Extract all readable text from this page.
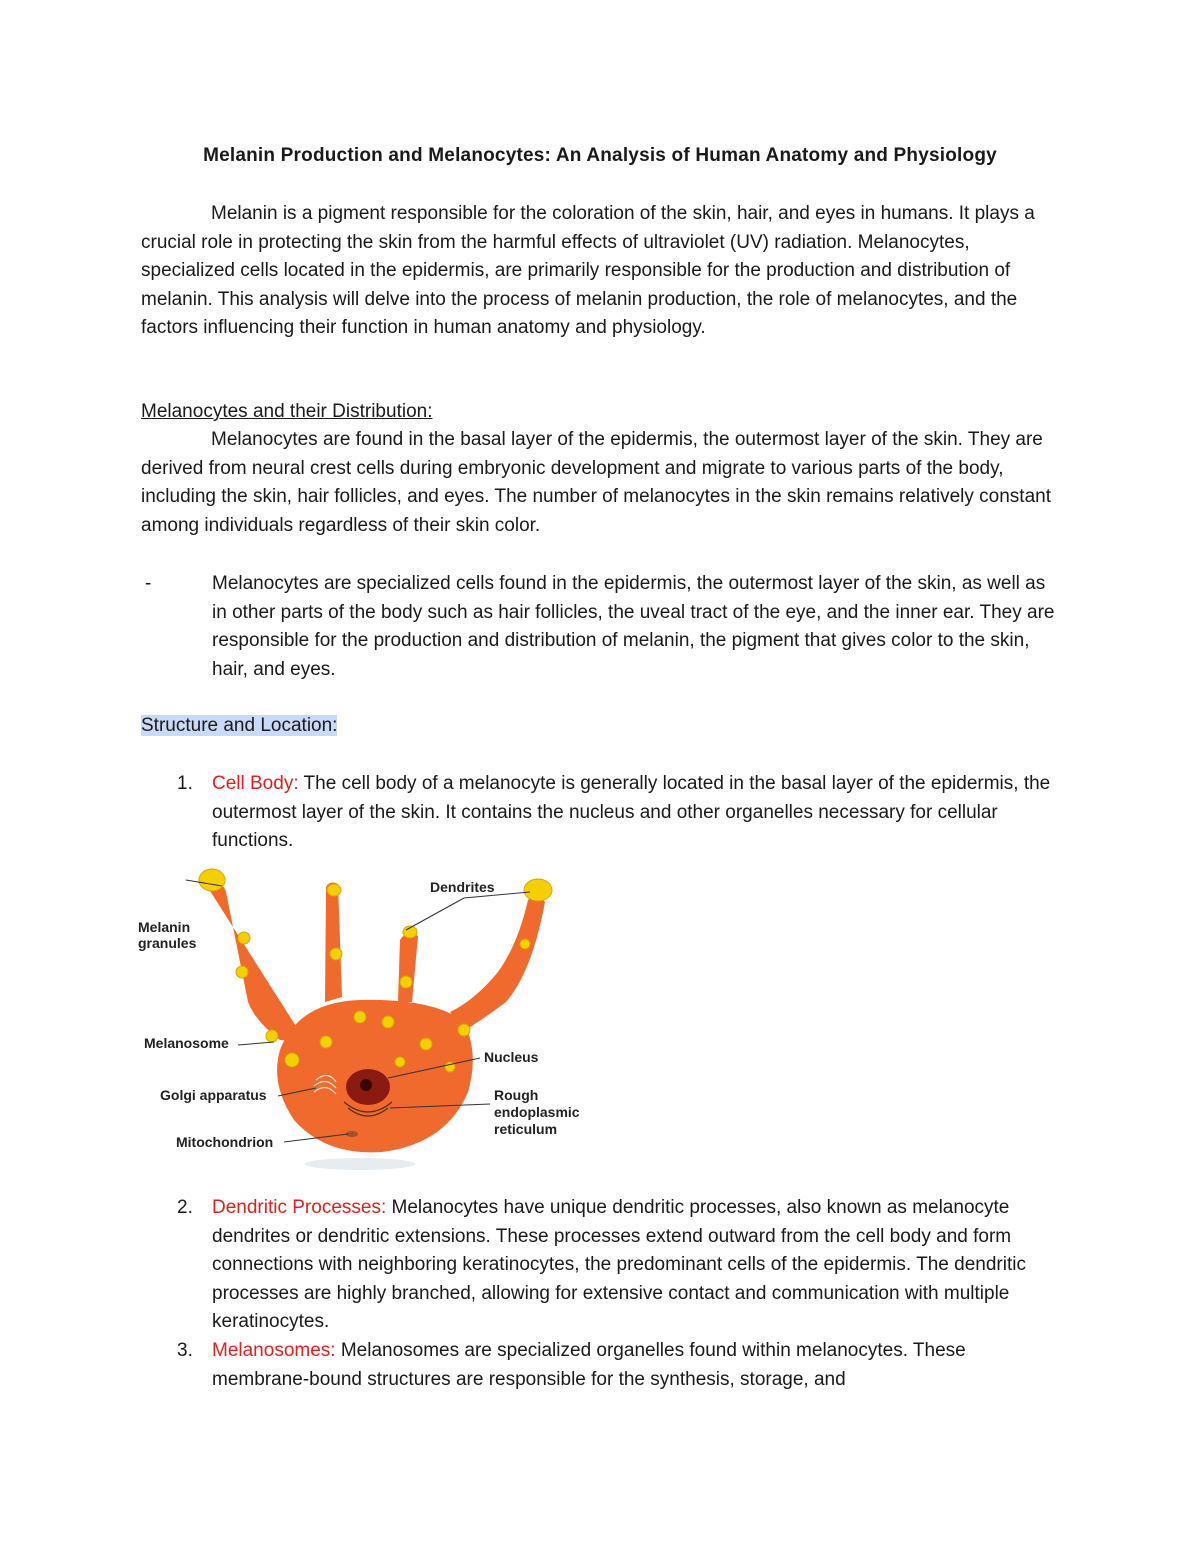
Melanin Production and Melanocytes: An Analysis of Human Anatomy and Physiology

Melanin is a pigment responsible for the coloration of the skin, hair, and eyes in humans. It plays a crucial role in protecting the skin from the harmful effects of ultraviolet (UV) radiation. Melanocytes, specialized cells located in the epidermis, are primarily responsible for the production and distribution of melanin. This analysis will delve into the process of melanin production, the role of melanocytes, and the factors influencing their function in human anatomy and physiology.

Melanocytes and their Distribution:

Melanocytes are found in the basal layer of the epidermis, the outermost layer of the skin. They are derived from neural crest cells during embryonic development and migrate to various parts of the body, including the skin, hair follicles, and eyes. The number of melanocytes in the skin remains relatively constant among individuals regardless of their skin color.

-	Melanocytes are specialized cells found in the epidermis, the outermost layer of the skin, as well as in other parts of the body such as hair follicles, the uveal tract of the eye, and the inner ear. They are responsible for the production and distribution of melanin, the pigment that gives color to the skin, hair, and eyes.
Structure and Location:
1. Cell Body: The cell body of a melanocyte is generally located in the basal layer of the epidermis, the outermost layer of the skin. It contains the nucleus and other organelles necessary for cellular functions.
Melanin
granules
Dendrites
Melanosome
Nucleus
Golgi apparatus	Rough
endoplasmic
reticulum
Mitochondrion
2. Dendritic Processes: Melanocytes have unique dendritic processes, also known as melanocyte dendrites or dendritic extensions. These processes extend outward from the cell body and form connections with neighboring keratinocytes, the predominant cells of the epidermis. The dendritic processes are highly branched, allowing for extensive contact and communication with multiple keratinocytes.
3. Melanosomes: Melanosomes are specialized organelles found within melanocytes. These membrane-bound structures are responsible for the synthesis, storage, and
